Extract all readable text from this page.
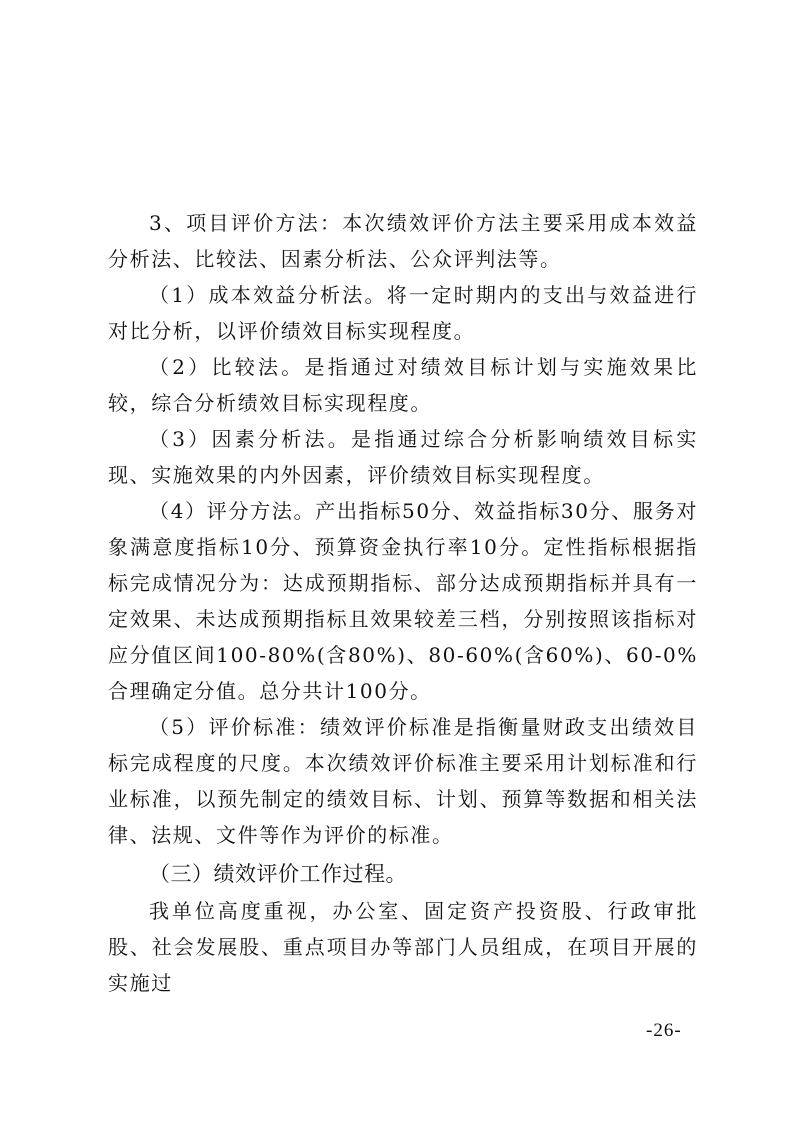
3、项目评价方法：本次绩效评价方法主要采用成本效益分析法、比较法、因素分析法、公众评判法等。

（1）成本效益分析法。将一定时期内的支出与效益进行对比分析，以评价绩效目标实现程度。

（2）比较法。是指通过对绩效目标计划与实施效果比较，综合分析绩效目标实现程度。

（3）因素分析法。是指通过综合分析影响绩效目标实现、实施效果的内外因素，评价绩效目标实现程度。

（4）评分方法。产出指标50分、效益指标30分、服务对象满意度指标10分、预算资金执行率10分。定性指标根据指标完成情况分为：达成预期指标、部分达成预期指标并具有一定效果、未达成预期指标且效果较差三档，分别按照该指标对应分值区间100-80%(含80%)、80-60%(含60%)、60-0%合理确定分值。总分共计100分。

（5）评价标准：绩效评价标准是指衡量财政支出绩效目标完成程度的尺度。本次绩效评价标准主要采用计划标准和行业标准，以预先制定的绩效目标、计划、预算等数据和相关法律、法规、文件等作为评价的标准。

（三）绩效评价工作过程。

我单位高度重视，办公室、固定资产投资股、行政审批股、社会发展股、重点项目办等部门人员组成，在项目开展的实施过

-26-
